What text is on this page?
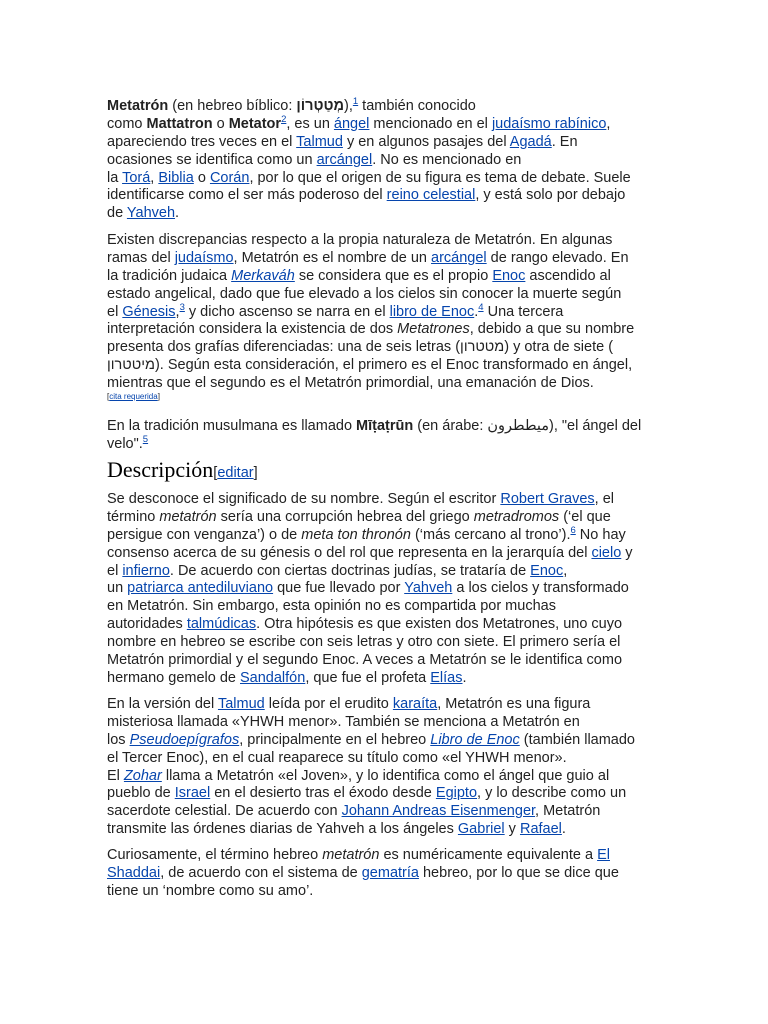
Metatrón (en hebreo bíblico: מְטַטְרוֹן),$^1$ también conocido
como Mattatron o Metator$^2$, es un ángel mencionado en el judaísmo rabínico,
apareciendo tres veces en el Talmud y en algunos pasajes del Agadá. En
ocasiones se identifica como un arcángel. No es mencionado en
la Torá, Biblia o Corán, por lo que el origen de su figura es tema de debate. Suele
identificarse como el ser más poderoso del reino celestial, y está solo por debajo
de Yahveh.
Existen discrepancias respecto a la propia naturaleza de Metatrón. En algunas
ramas del judaísmo, Metatrón es el nombre de un arcángel de rango elevado. En
la tradición judaica Merkaváh se considera que es el propio Enoc ascendido al
estado angelical, dado que fue elevado a los cielos sin conocer la muerte según
el Génesis,$^3$ y dicho ascenso se narra en el libro de Enoc.$^4$ Una tercera
interpretación considera la existencia de dos Metatrones, debido a que su nombre
presenta dos grafías diferenciadas: una de seis letras (מטטרון) y otra de siete (
מיטטרון). Según esta consideración, el primero es el Enoc transformado en ángel,
mientras que el segundo es el Metatrón primordial, una emanación de Dios.
[cita requerida]
En la tradición musulmana es llamado Mīṭaṭrūn (en árabe: ميططرون), "el ángel del
velo".$^5$
Descripción[editar]
Se desconoce el significado de su nombre. Según el escritor Robert Graves, el
término metatrón sería una corrupción hebrea del griego metradromos (‘el que
persigue con venganza’) o de meta ton thronón (‘más cercano al trono’).$^6$ No hay
consenso acerca de su génesis o del rol que representa en la jerarquía del cielo y
el infierno. De acuerdo con ciertas doctrinas judías, se trataría de Enoc,
un patriarca antediluviano que fue llevado por Yahveh a los cielos y transformado
en Metatrón. Sin embargo, esta opinión no es compartida por muchas
autoridades talmúdicas. Otra hipótesis es que existen dos Metatrones, uno cuyo
nombre en hebreo se escribe con seis letras y otro con siete. El primero sería el
Metatrón primordial y el segundo Enoc. A veces a Metatrón se le identifica como
hermano gemelo de Sandalfón, que fue el profeta Elías.
En la versión del Talmud leída por el erudito karaíta, Metatrón es una figura
misteriosa llamada «YHWH menor». También se menciona a Metatrón en
los Pseudoepígrafos, principalmente en el hebreo Libro de Enoc (también llamado
el Tercer Enoc), en el cual reaparece su título como «el YHWH menor».
El Zohar llama a Metatrón «el Joven», y lo identifica como el ángel que guio al
pueblo de Israel en el desierto tras el éxodo desde Egipto, y lo describe como un
sacerdote celestial. De acuerdo con Johann Andreas Eisenmenger, Metatrón
transmite las órdenes diarias de Yahveh a los ángeles Gabriel y Rafael.
Curiosamente, el término hebreo metatrón es numéricamente equivalente a El
Shaddai, de acuerdo con el sistema de gematría hebreo, por lo que se dice que
tiene un ‘nombre como su amo’.
